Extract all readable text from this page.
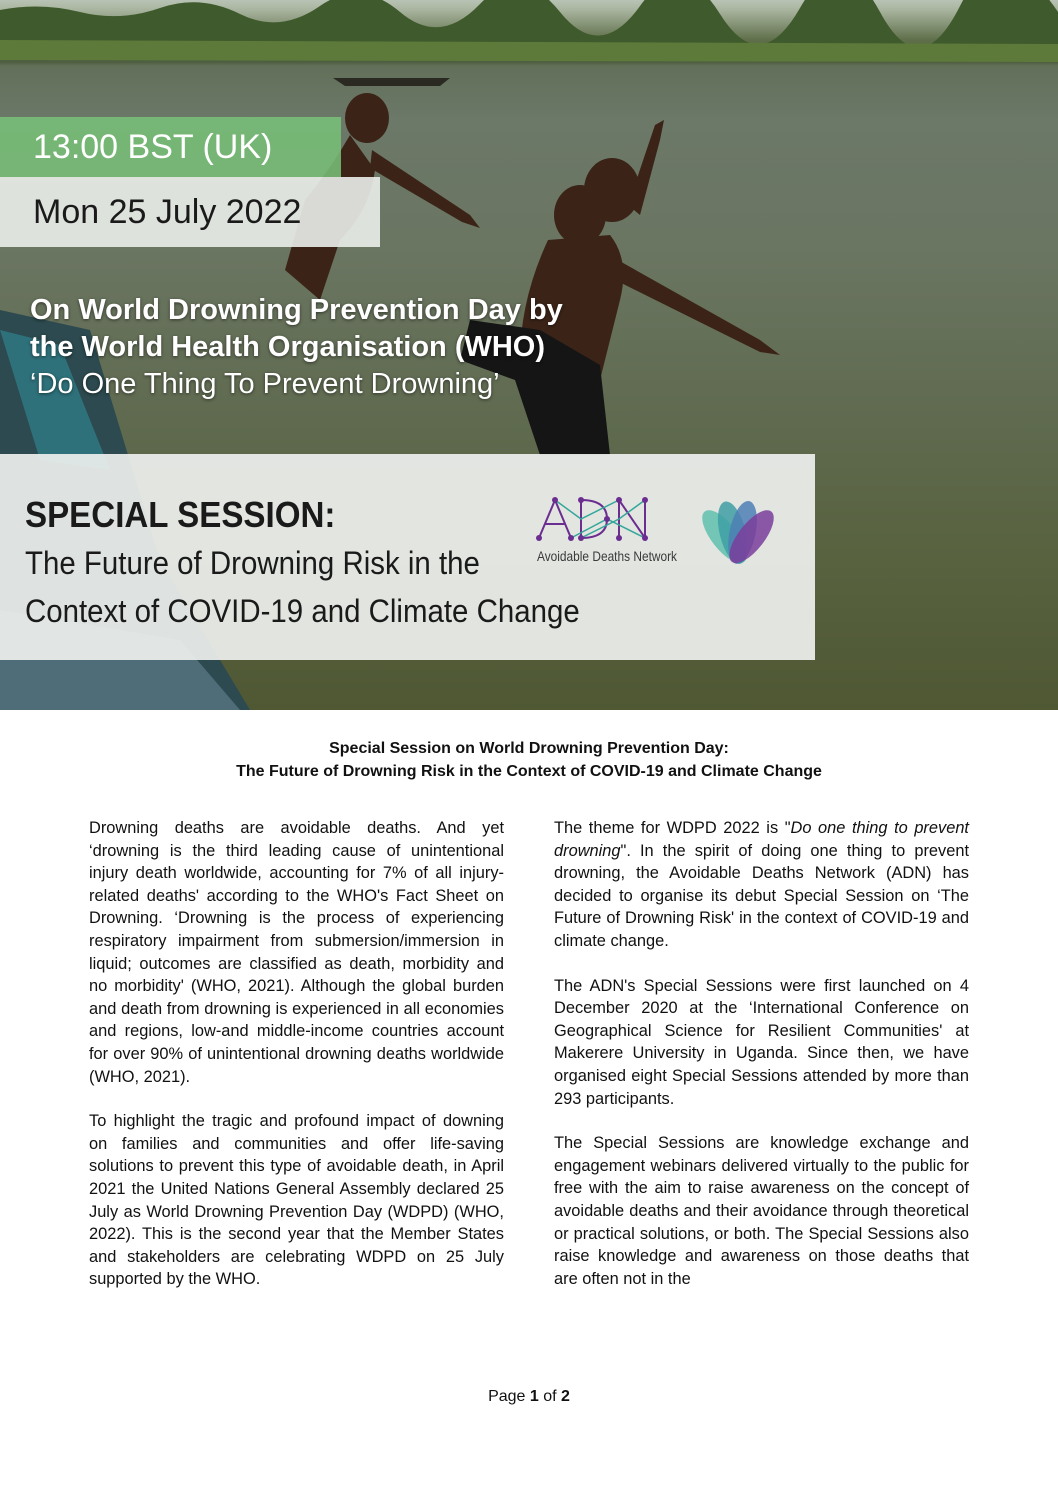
13:00 BST (UK)
Mon 25 July 2022
On World Drowning Prevention Day by
the World Health Organisation (WHO)
‘Do One Thing To Prevent Drowning’
SPECIAL SESSION:
The Future of Drowning Risk in the
Context of COVID-19 and Climate Change
Avoidable Deaths Network
Special Session on World Drowning Prevention Day:
The Future of Drowning Risk in the Context of COVID-19 and Climate Change

Drowning deaths are avoidable deaths. And yet ‘drowning is the third leading cause of unintentional injury death worldwide, accounting for 7% of all injury-related deaths' according to the WHO's Fact Sheet on Drowning. ‘Drowning is the process of experiencing respiratory impairment from submersion/immersion in liquid; outcomes are classified as death, morbidity and no morbidity' (WHO, 2021). Although the global burden and death from drowning is experienced in all economies and regions, low-and middle-income countries account for over 90% of unintentional drowning deaths worldwide (WHO, 2021).

To highlight the tragic and profound impact of downing on families and communities and offer life-saving solutions to prevent this type of avoidable death, in April 2021 the United Nations General Assembly declared 25 July as World Drowning Prevention Day (WDPD) (WHO, 2022). This is the second year that the Member States and stakeholders are celebrating WDPD on 25 July supported by the WHO.

The theme for WDPD 2022 is "Do one thing to prevent drowning". In the spirit of doing one thing to prevent drowning, the Avoidable Deaths Network (ADN) has decided to organise its debut Special Session on ‘The Future of Drowning Risk' in the context of COVID-19 and climate change.

The ADN's Special Sessions were first launched on 4 December 2020 at the ‘International Conference on Geographical Science for Resilient Communities' at Makerere University in Uganda. Since then, we have organised eight Special Sessions attended by more than 293 participants.

The Special Sessions are knowledge exchange and engagement webinars delivered virtually to the public for free with the aim to raise awareness on the concept of avoidable deaths and their avoidance through theoretical or practical solutions, or both. The Special Sessions also raise knowledge and awareness on those deaths that are often not in the

Page 1 of 2
